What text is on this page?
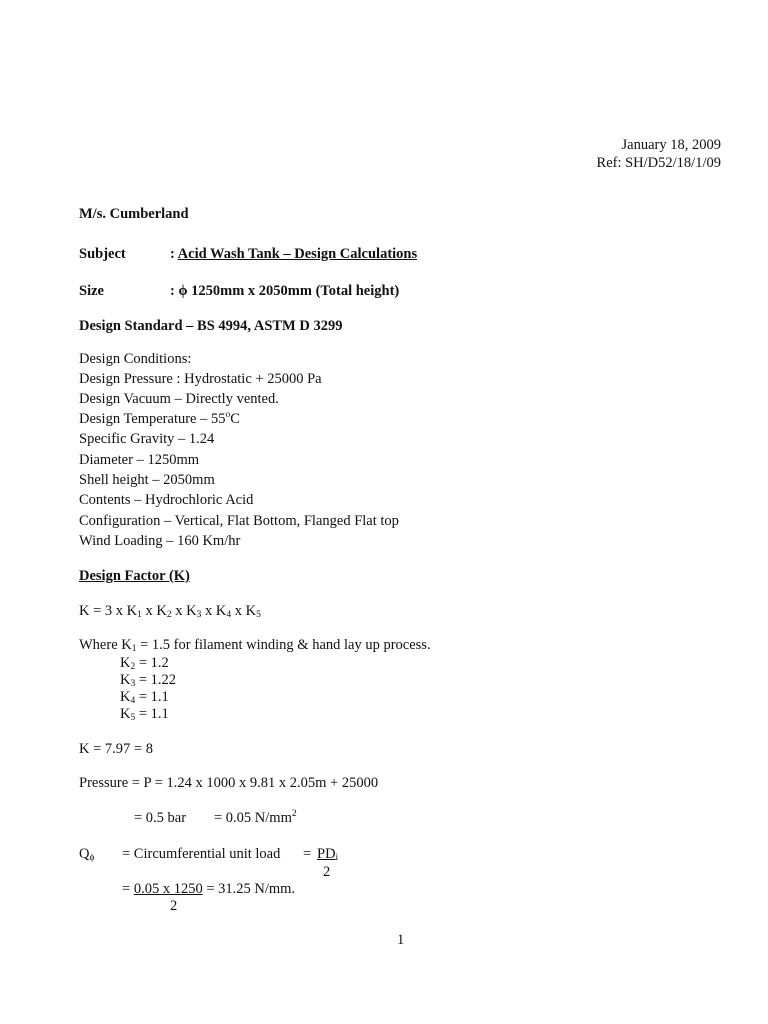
January 18, 2009
Ref: SH/D52/18/1/09
M/s. Cumberland
Subject	: Acid Wash Tank – Design Calculations
Size	: ϕ 1250mm x 2050mm (Total height)
Design Standard – BS 4994, ASTM D 3299
Design Conditions:
Design Pressure : Hydrostatic + 25000 Pa
Design Vacuum – Directly vented.
Design Temperature – 55$^o$C
Specific Gravity – 1.24
Diameter – 1250mm
Shell height – 2050mm
Contents – Hydrochloric Acid
Configuration – Vertical, Flat Bottom, Flanged Flat top
Wind Loading – 160 Km/hr
Design Factor (K)
K = 3 x $K_1$ x $K_2$ x $K_3$ x $K_4$ x $K_5$
Where $K_1 = 1.5$ for filament winding & hand lay up process.
$K_2 = 1.2$
$K_3 = 1.22$
$K_4 = 1.1$
$K_5 = 1.1$
K = 7.97 = 8
Pressure = P = 1.24 x 1000 x 9.81 x 2.05m + 25000
= 0.5 bar = 0.05 $N/mm^2$
$Q_\phi$ = Circumferential unit load = $PD_i$
2
= 0.05 x 1250 = 31.25 N/mm.
2
1
